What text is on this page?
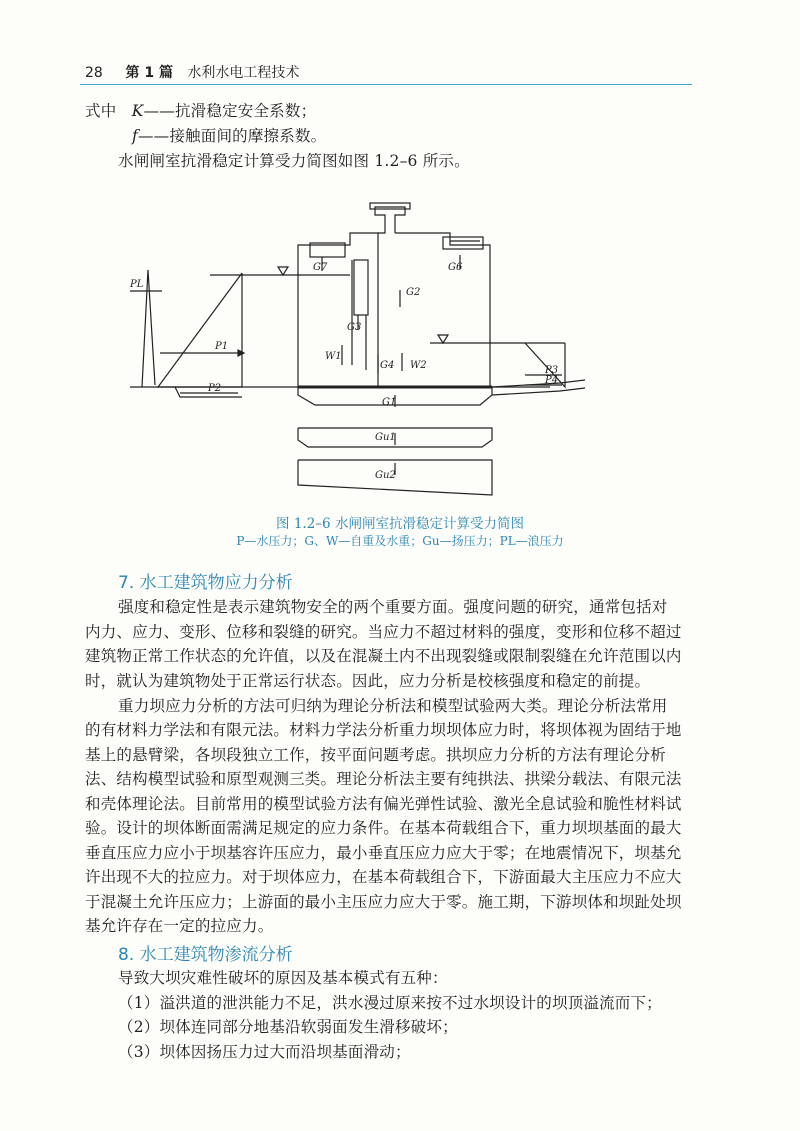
28 第 1 篇 水利水电工程技术
式中 K——抗滑稳定安全系数；
f——接触面间的摩擦系数。
水闸闸室抗滑稳定计算受力简图如图 1.2–6 所示。
G7	G6
PL
P1
P2
G2
G3
W1
G4 W2	P3
P4
G1
Gu1
Gu2
图 1.2–6 水闸闸室抗滑稳定计算受力简图
P—水压力；G、W—自重及水重；Gu—扬压力；PL—浪压力
7. 水工建筑物应力分析
强度和稳定性是表示建筑物安全的两个重要方面。强度问题的研究，通常包括对
内力、应力、变形、位移和裂缝的研究。当应力不超过材料的强度，变形和位移不超过
建筑物正常工作状态的允许值，以及在混凝土内不出现裂缝或限制裂缝在允许范围以内
时，就认为建筑物处于正常运行状态。因此，应力分析是校核强度和稳定的前提。
重力坝应力分析的方法可归纳为理论分析法和模型试验两大类。理论分析法常用
的有材料力学法和有限元法。材料力学法分析重力坝坝体应力时，将坝体视为固结于地
基上的悬臂梁，各坝段独立工作，按平面问题考虑。拱坝应力分析的方法有理论分析
法、结构模型试验和原型观测三类。理论分析法主要有纯拱法、拱梁分载法、有限元法
和壳体理论法。目前常用的模型试验方法有偏光弹性试验、激光全息试验和脆性材料试
验。设计的坝体断面需满足规定的应力条件。在基本荷载组合下，重力坝坝基面的最大
垂直压应力应小于坝基容许压应力，最小垂直压应力应大于零；在地震情况下，坝基允
许出现不大的拉应力。对于坝体应力，在基本荷载组合下，下游面最大主压应力不应大
于混凝土允许压应力；上游面的最小主压应力应大于零。施工期，下游坝体和坝趾处坝
基允许存在一定的拉应力。
8. 水工建筑物渗流分析
导致大坝灾难性破坏的原因及基本模式有五种：
（1）溢洪道的泄洪能力不足，洪水漫过原来按不过水坝设计的坝顶溢流而下；
（2）坝体连同部分地基沿软弱面发生滑移破坏；
（3）坝体因扬压力过大而沿坝基面滑动；
